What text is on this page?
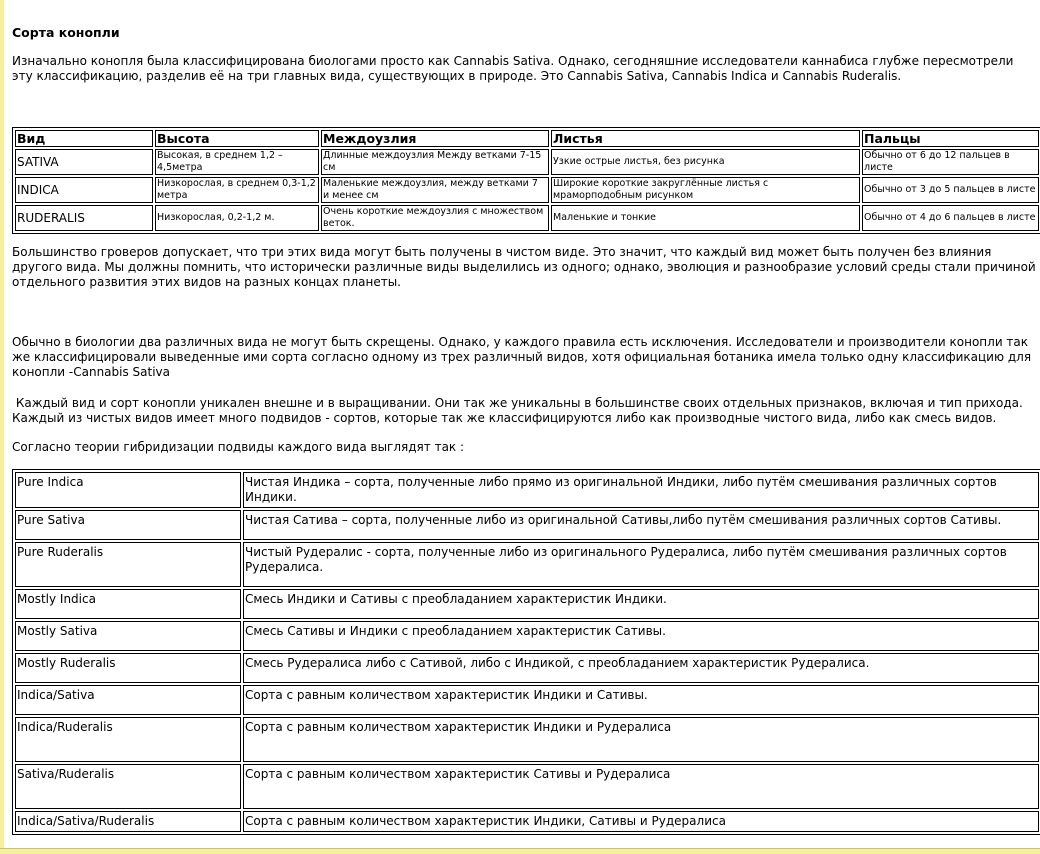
Сорта конопли

Изначально конопля была классифицирована биологами просто как Cannabis Sativa. Однако, сегодняшние исследователи каннабиса глубже пересмотрели эту классификацию, разделив её на три главных вида, существующих в природе. Это Cannabis Sativa, Cannabis Indica и Cannabis Ruderalis.

Вид	Высота	Междоузлия	Листья	Пальцы
SATIVA	Высокая, в среднем 1,2 – 4,5метра	Длинные междоузлия Между ветками 7-15 см	Узкие острые листья, без рисунка	Обычно от 6 до 12 пальцев в листе
INDICA	Низкорослая, в среднем 0,3-1,2 метра	Маленькие междоузлия, между ветками 7 и менее см	Широкие короткие закруглённые листья с мраморподобным рисунком	Обычно от 3 до 5 пальцев в листе
RUDERALIS	Низкорослая, 0,2-1,2 м.	Очень короткие междоузлия с множеством веток.	Маленькие и тонкие	Обычно от 4 до 6 пальцев в листе

Большинство гроверов допускает, что три этих вида могут быть получены в чистом виде. Это значит, что каждый вид может быть получен без влияния другого вида. Мы должны помнить, что исторически различные виды выделились из одного; однако, эволюция и разнообразие условий среды стали причиной отдельного развития этих видов на разных концах планеты.

Обычно в биологии два различных вида не могут быть скрещены. Однако, у каждого правила есть исключения. Исследователи и производители конопли так же классифицировали выведенные ими сорта согласно одному из трех различный видов, хотя официальная ботаника имела только одну классификацию для конопли -Cannabis Sativa

Каждый вид и сорт конопли уникален внешне и в выращивании. Они так же уникальны в большинстве своих отдельных признаков, включая и тип прихода. Каждый из чистых видов имеет много подвидов - сортов, которые так же классифицируются либо как производные чистого вида, либо как смесь видов.

Согласно теории гибридизации подвиды каждого вида выглядят так :

Pure Indica	Чистая Индика – сорта, полученные либо прямо из оригинальной Индики, либо путём смешивания различных сортов Индики.
Pure Sativa	Чистая Сатива – сорта, полученные либо из оригинальной Сативы,либо путём смешивания различных сортов Сативы.
Pure Ruderalis	Чистый Рудералис - сорта, полученные либо из оригинального Рудералиса, либо путём смешивания различных сортов Рудералиса.
Mostly Indica	Смесь Индики и Сативы с преобладанием характеристик Индики.
Mostly Sativa	Смесь Сативы и Индики с преобладанием характеристик Сативы.
Mostly Ruderalis	Смесь Рудералиса либо с Сативой, либо с Индикой, с преобладанием характеристик Рудералиса.
Indica/Sativa	Сорта с равным количеством характеристик Индики и Сативы.
Indica/Ruderalis	Сорта с равным количеством характеристик Индики и Рудералиса
Sativa/Ruderalis	Сорта с равным количеством характеристик Сативы и Рудералиса
Indica/Sativa/Ruderalis	Сорта с равным количеством характеристик Индики, Сативы и Рудералиса
